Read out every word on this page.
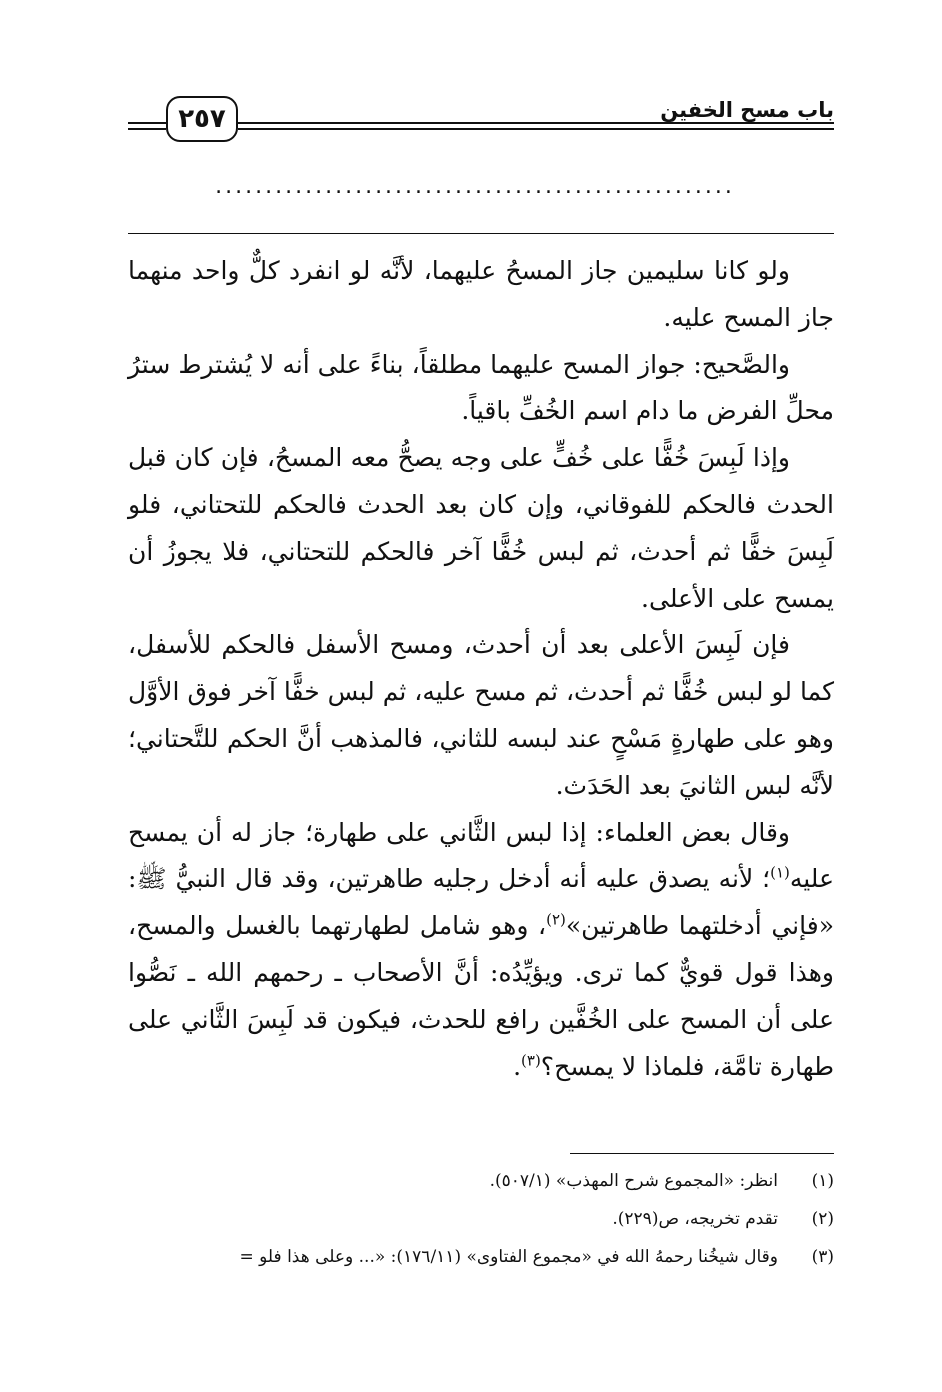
٢٥٧	باب مسح الخفين
....................................................

ولو كانا سليمين جاز المسحُ عليهما، لأنَّه لو انفرد كلٌّ واحد منهما جاز المسح عليه.

والصَّحيح: جواز المسح عليهما مطلقاً، بناءً على أنه لا يُشترط سترُ محلِّ الفرض ما دام اسم الخُفِّ باقياً.

وإذا لَبِسَ خُفًّا على خُفٍّ على وجه يصحُّ معه المسحُ، فإن كان قبل الحدث فالحكم للفوقاني، وإن كان بعد الحدث فالحكم للتحتاني، فلو لَبِسَ خفًّا ثم أحدث، ثم لبس خُفًّا آخر فالحكم للتحتاني، فلا يجوزُ أن يمسح على الأعلى.

فإن لَبِسَ الأعلى بعد أن أحدث، ومسح الأسفل فالحكم للأسفل، كما لو لبس خُفًّا ثم أحدث، ثم مسح عليه، ثم لبس خفًّا آخر فوق الأوَّل وهو على طهارةٍ مَسْحٍ عند لبسه للثاني، فالمذهب أنَّ الحكم للتَّحتاني؛ لأنَّه لبس الثانيَ بعد الحَدَث.

وقال بعض العلماء: إذا لبس الثَّاني على طهارة؛ جاز له أن يمسح عليه$^{(١)}$؛ لأنه يصدق عليه أنه أدخل رجليه طاهرتين، وقد قال النبيُّ ﷺ: «فإني أدخلتهما طاهرتين»$^{(٢)}$، وهو شامل لطهارتهما بالغسل والمسح، وهذا قول قويٌّ كما ترى. ويؤيِّدُه: أنَّ الأصحاب ـ رحمهم الله ـ نَصُّوا على أن المسح على الخُفَّين رافع للحدث، فيكون قد لَبِسَ الثَّاني على طهارة تامَّة، فلماذا لا يمسح؟$^{(٣)}$.

(١)
انظر: «المجموع شرح المهذب» (٥٠٧/١).
(٢)
تقدم تخريجه، ص(٢٢٩).
(٣)
وقال شيخُنا رحمهُ الله في «مجموع الفتاوى» (١٧٦/١١): «... وعلى هذا فلو =
